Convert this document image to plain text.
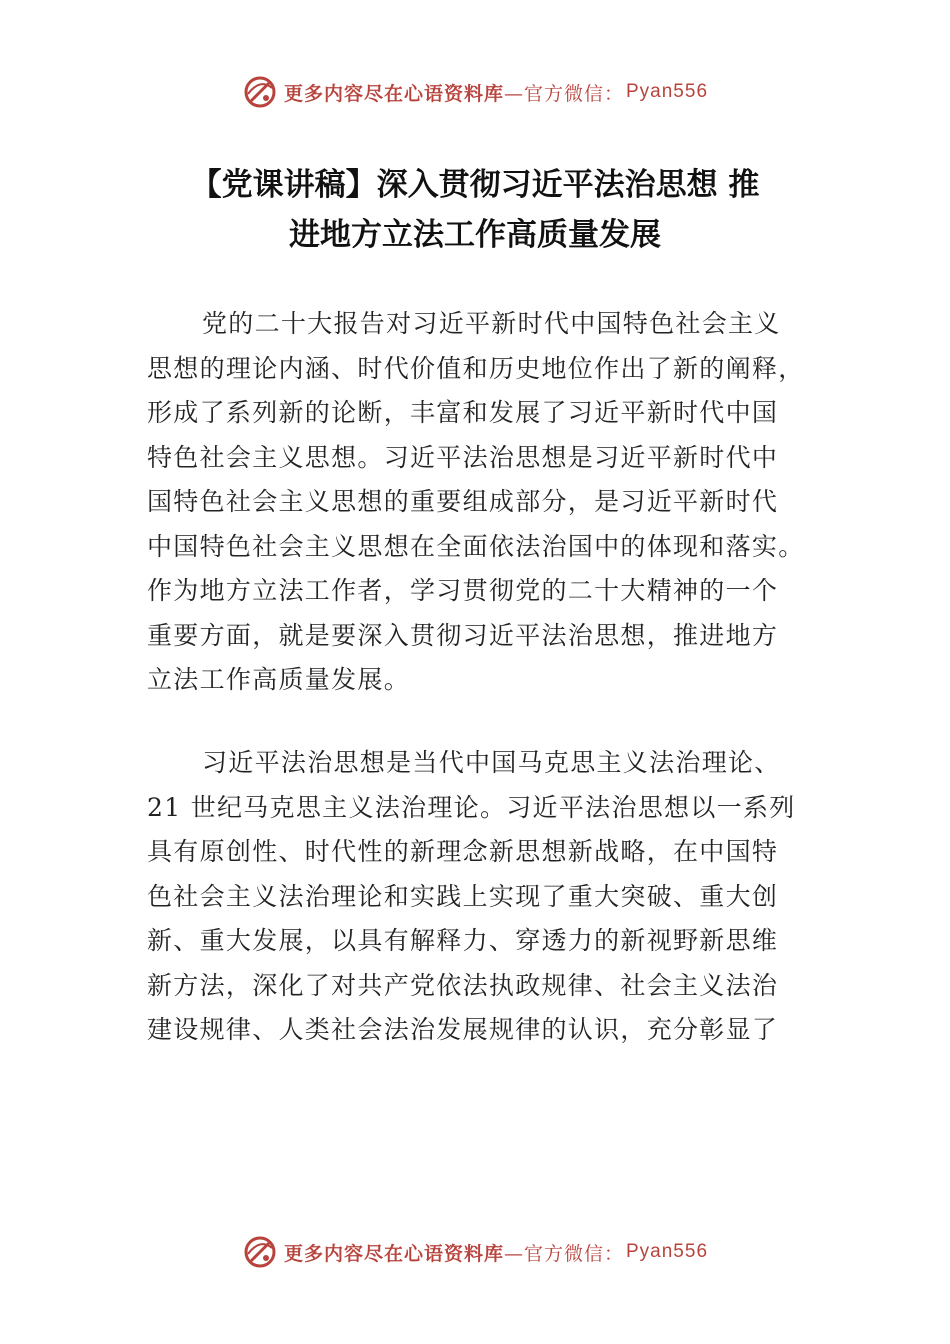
更多内容尽在心语资料库 —官方微信： Pyan556
【党课讲稿】深入贯彻习近平法治思想 推
进地方立法工作高质量发展
党的二十大报告对习近平新时代中国特色社会主义
思想的理论内涵、时代价值和历史地位作出了新的阐释，
形成了系列新的论断，丰富和发展了习近平新时代中国
特色社会主义思想。习近平法治思想是习近平新时代中
国特色社会主义思想的重要组成部分，是习近平新时代
中国特色社会主义思想在全面依法治国中的体现和落实。
作为地方立法工作者，学习贯彻党的二十大精神的一个
重要方面，就是要深入贯彻习近平法治思想，推进地方
立法工作高质量发展。
习近平法治思想是当代中国马克思主义法治理论、
21 世纪马克思主义法治理论。习近平法治思想以一系列
具有原创性、时代性的新理念新思想新战略，在中国特
色社会主义法治理论和实践上实现了重大突破、重大创
新、重大发展，以具有解释力、穿透力的新视野新思维
新方法，深化了对共产党依法执政规律、社会主义法治
建设规律、人类社会法治发展规律的认识，充分彰显了
更多内容尽在心语资料库 —官方微信： Pyan556
